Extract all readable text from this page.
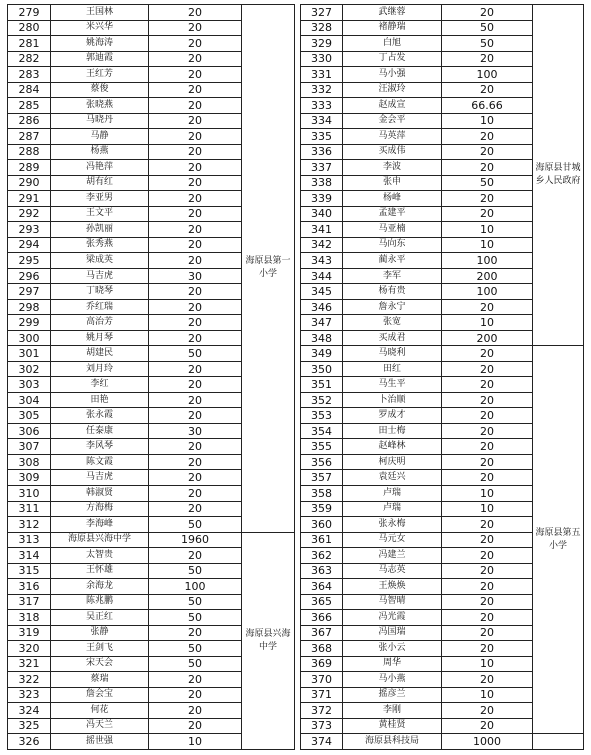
279	王国林	20	海原县第一小学
280	米兴华	20	
281	姚海涛	20	
282	郭迪霞	20	
283	王红芳	20	
284	蔡俊	20	
285	张晓燕	20	
286	马晓丹	20	
287	马静	20	
288	杨燕	20	
289	冯艳萍	20	
290	胡有红	20	
291	李亚男	20	
292	王文平	20	
293	孙凯丽	20	
294	张秀燕	20	
295	梁成英	20	
296	马吉虎	30	
297	丁晓琴	20	
298	乔红瑞	20	
299	高治芳	20	
300	姚月琴	20	
301	胡建民	50	
302	刘月玲	20	
303	李红	20	
304	田艳	20	
305	张永霞	20	
306	任泰康	30	
307	李风琴	20	
308	陈文霞	20	
309	马吉虎	20	
310	韩淑贤	20	
311	方海梅	20	
312	李海峰	50	
313	海原县兴海中学	1960	海原县兴海中学
314	太智贵	20	
315	王怀雄	50	
316	余海龙	100	
317	陈兆鹏	50	
318	吴正红	50	
319	张静	20	
320	王剑飞	50	
321	宋天会	50	
322	蔡瑞	20	
323	詹会宝	20	
324	何花	20	
325	冯天兰	20	
326	摇世强	10	
327	武继蓉	20	海原县甘城乡人民政府
328	褚静瑞	50	
329	白旭	50	
330	丁占发	20	
331	马小强	100	
332	汪淑玲	20	
333	赵成宣	66.66	
334	金会平	10	
335	马英萍	20	
336	买成伟	20	
337	李波	20	
338	张申	50	
339	杨峰	20	
340	孟建平	20	
341	马亚楠	10	
342	马向东	10	
343	蔺永平	100	
344	李军	200	
345	杨有贵	100	
346	詹永宁	20	
347	张宽	10	
348	买成君	200	
349	马晓利	20	海原县第五小学
350	田红	20	
351	马生平	20	
352	卜治顺	20	
353	罗成才	20	
354	田士梅	20	
355	赵峰林	20	
356	柯庆明	20	
357	袁廷兴	20	
358	卢瑞	10	
359	卢瑞	10	
360	张永梅	20	
361	马元女	20	
362	冯建兰	20	
363	马志英	20	
364	王焕焕	20	
365	马智晴	20	
366	冯光霞	20	
367	冯国瑞	20	
368	张小云	20	
369	周华	10	
370	马小燕	20	
371	摇彦兰	10	
372	李刚	20	
373	黄桂贤	20	
374	海原县科技局	1000	
